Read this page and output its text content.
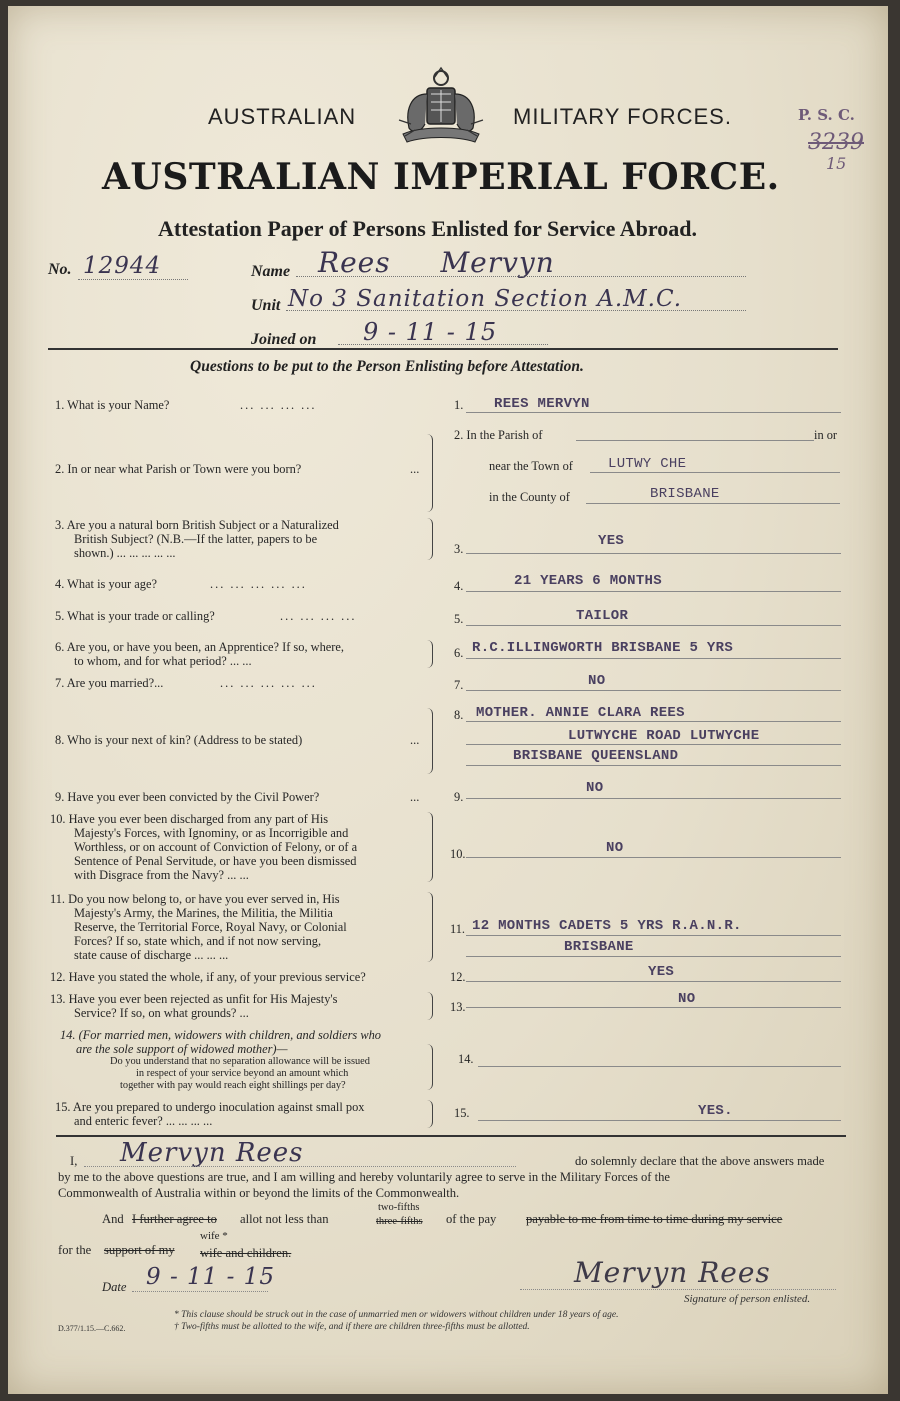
P. S. C.
3239
15
AUSTRALIAN	MILITARY FORCES.
AUSTRALIAN IMPERIAL FORCE.
Attestation Paper of Persons Enlisted for Service Abroad.
No. 12944	Name Rees Mervyn
Unit No 3 Sanitation Section A.M.C.
Joined on 9 - 11 - 15
Questions to be put to the Person Enlisting before Attestation.
1. What is your Name?	... ... ... ...	1. REES MERVYN
2. In or near what Parish or Town were you born?	...
2. In the Parish of	in or
near the Town of	LUTWY CHE
in the County of	BRISBANE
3. Are you a natural born British Subject or a Naturalized
British Subject? (N.B.—If the latter, papers to be
shown.) ... ... ... ... ...	3.	YES
4. What is your age?	... ... ... ... ...	4.	21 YEARS 6 MONTHS
5. What is your trade or calling?	... ... ... ...	5.	TAILOR
6. Are you, or have you been, an Apprentice? If so, where,
to whom, and for what period? ... ...
6. R.C.ILLINGWORTH BRISBANE 5 YRS
7. Are you married?...	... ... ... ... ...	7.	NO
8. Who is your next of kin? (Address to be stated)	...
8. MOTHER. ANNIE CLARA REES
LUTWYCHE ROAD LUTWYCHE
BRISBANE QUEENSLAND
9. Have you ever been convicted by the Civil Power?	...	9.
NO
10. Have you ever been discharged from any part of His
Majesty's Forces, with Ignominy, or as Incorrigible and
Worthless, or on account of Conviction of Felony, or of a
Sentence of Penal Servitude, or have you been dismissed
with Disgrace from the Navy? ... ...
10.	NO
11. Do you now belong to, or have you ever served in, His
Majesty's Army, the Marines, the Militia, the Militia
Reserve, the Territorial Force, Royal Navy, or Colonial
Forces? If so, state which, and if not now serving,
state cause of discharge ... ... ...
11. 12 MONTHS CADETS 5 YRS R.A.N.R.
BRISBANE
12. Have you stated the whole, if any, of your previous service?	12.	YES
13. Have you ever been rejected as unfit for His Majesty's
Service? If so, on what grounds? ...	13.	NO
14. (For married men, widowers with children, and soldiers who
are the sole support of widowed mother)—
Do you understand that no separation allowance will be issued
in respect of your service beyond an amount which
together with pay would reach eight shillings per day?
14.
15. Are you prepared to undergo inoculation against small pox
and enteric fever? ... ... ... ...
15.	YES.
I, Mervyn Rees	do solemnly declare that the above answers made
by me to the above questions are true, and I am willing and hereby voluntarily agree to serve in the Military Forces of the
Commonwealth of Australia within or beyond the limits of the Commonwealth.
And I further agree to allot not less than
two-fifths
three-fifths of the pay payable to me from time to time during my service
for the support of my
wife *
wife and children.
Date 9 - 11 - 15	Mervyn Rees
Signature of person enlisted.
* This clause should be struck out in the case of unmarried men or widowers without children under 18 years of age.
† Two-fifths must be allotted to the wife, and if there are children three-fifths must be allotted.
D.377/1.15.—C.662.
